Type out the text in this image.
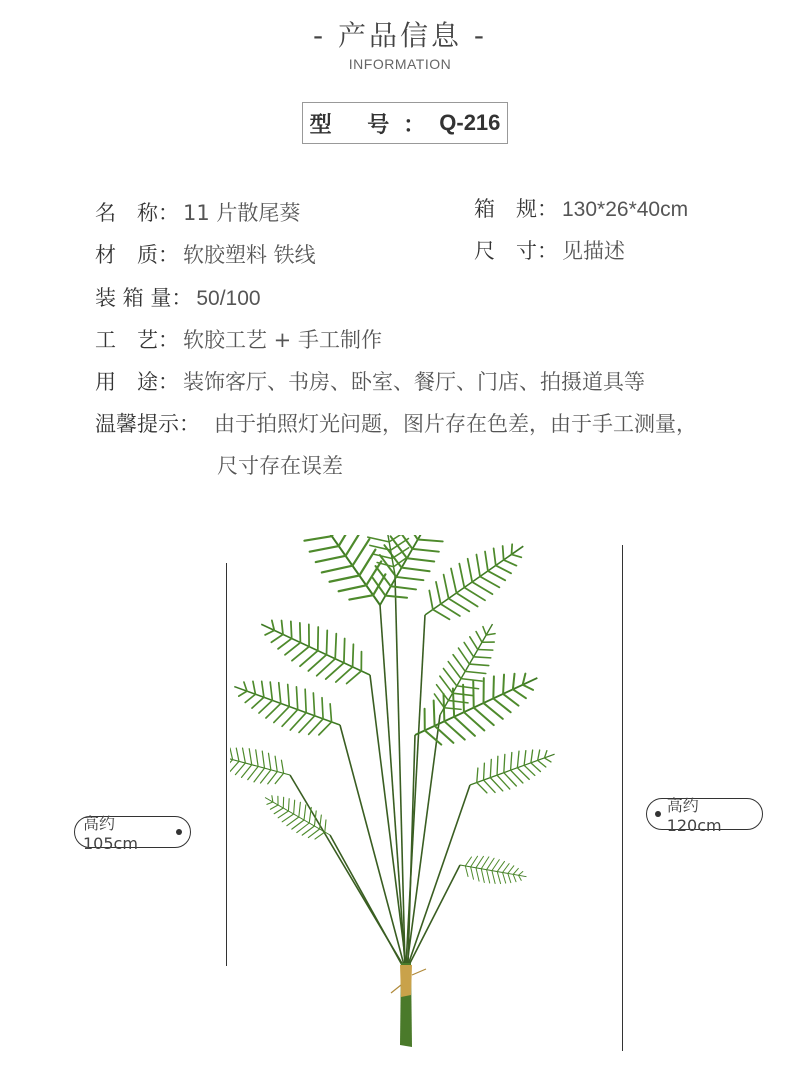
- 产品信息 -
INFORMATION
型 号： Q-216
名　称： 11 片散尾葵	箱　规： 130*26*40cm
材　质： 软胶塑料 铁线	尺　寸： 见描述
装 箱 量： 50/100
工　艺： 软胶工艺 + 手工制作
用　途： 装饰客厅、书房、卧室、餐厅、门店、拍摄道具等
温馨提示： 由于拍照灯光问题，图片存在色差，由于手工测量，
尺寸存在误差
高约 105cm
高约 120cm
